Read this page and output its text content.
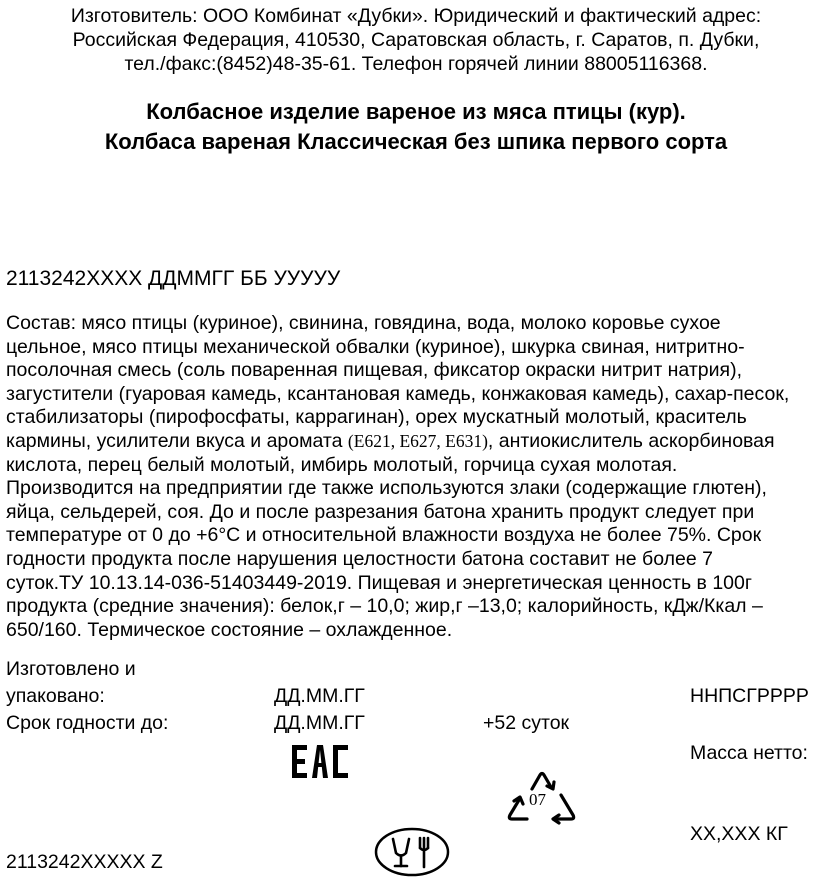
Изготовитель: ООО Комбинат «Дубки». Юридический и фактический адрес:
Российская Федерация, 410530, Саратовская область, г. Саратов, п. Дубки,
тел./факс:(8452)48-35-61. Телефон горячей линии 88005116368.
Колбасное изделие вареное из мяса птицы (кур).
Колбаса вареная Классическая без шпика первого сорта
2113242XXXX ДДММГГ ББ УУУУУ
Состав: мясо птицы (куриное), свинина, говядина, вода, молоко коровье сухое
цельное, мясо птицы механической обвалки (куриное), шкурка свиная, нитритно-
посолочная смесь (соль поваренная пищевая, фиксатор окраски нитрит натрия),
загустители (гуаровая камедь, ксантановая камедь, конжаковая камедь), сахар-песок,
стабилизаторы (пирофосфаты, каррагинан), орех мускатный молотый, краситель
кармины, усилители вкуса и аромата (Е621, Е627, Е631), антиокислитель аскорбиновая
кислота, перец белый молотый, имбирь молотый, горчица сухая молотая.
Производится на предприятии где также используются злаки (содержащие глютен),
яйца, сельдерей, соя. До и после разрезания батона хранить продукт следует при
температуре от 0 до +6°С и относительной влажности воздуха не более 75%. Срок
годности продукта после нарушения целостности батона составит не более 7
суток.ТУ 10.13.14-036-51403449-2019. Пищевая и энергетическая ценность в 100г
продукта (средние значения): белок,г – 10,0; жир,г –13,0; калорийность, кДж/Ккал –
650/160. Термическое состояние – охлажденное.
Изготовлено и
упаковано:	ДД.ММ.ГГ	ННПСГРРРР
Срок годности до:	ДД.ММ.ГГ	+52 суток
Масса нетто:
ХХ,ХХХ КГ
2113242XXXXX Z
07
